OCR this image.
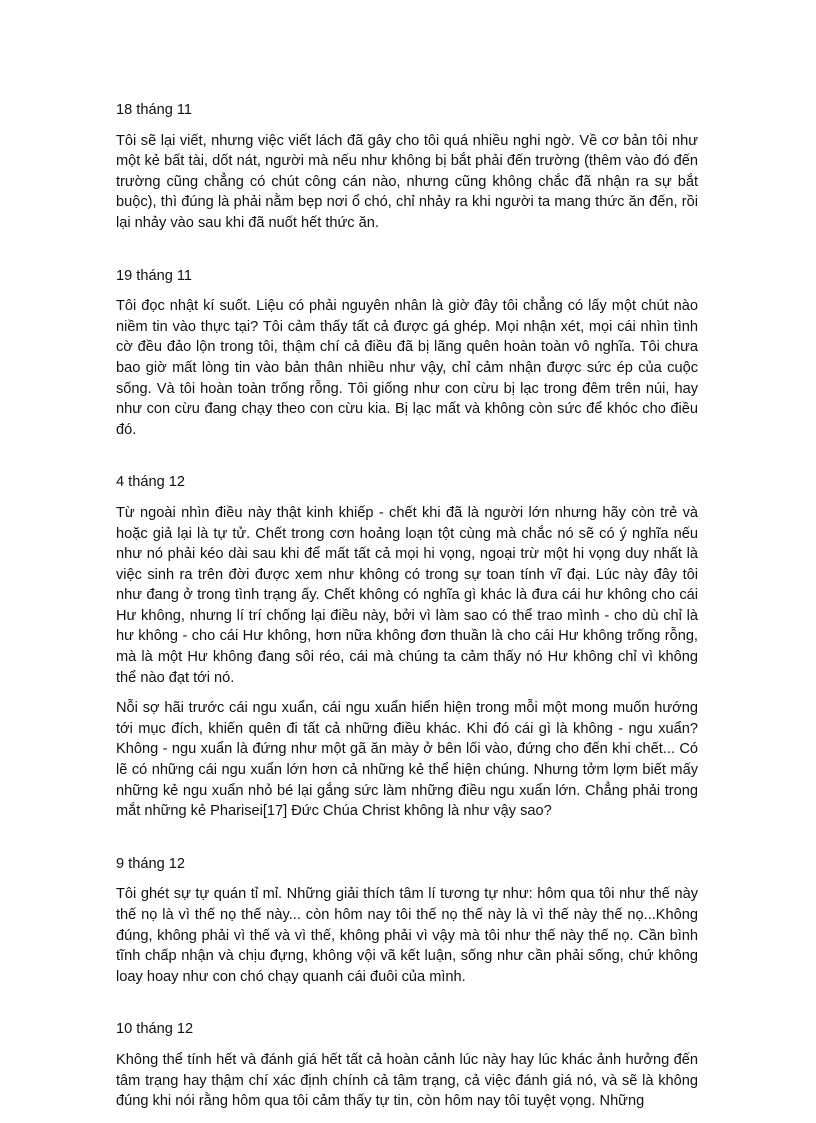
18 tháng 11

Tôi sẽ lại viết, nhưng việc viết lách đã gây cho tôi quá nhiều nghi ngờ. Về cơ bản tôi như một kẻ bất tài, dốt nát, người mà nếu như không bị bắt phải đến trường (thêm vào đó đến trường cũng chẳng có chút công cán nào, nhưng cũng không chắc đã nhận ra sự bắt buộc), thì đúng là phải nằm bẹp nơi ổ chó, chỉ nhảy ra khi người ta mang thức ăn đến, rồi lại nhảy vào sau khi đã nuốt hết thức ăn.

19 tháng 11

Tôi đọc nhật kí suốt. Liệu có phải nguyên nhân là giờ đây tôi chẳng có lấy một chút nào niềm tin vào thực tại? Tôi cảm thấy tất cả được gá ghép. Mọi nhận xét, mọi cái nhìn tình cờ đều đảo lộn trong tôi, thậm chí cả điều đã bị lãng quên hoàn toàn vô nghĩa. Tôi chưa bao giờ mất lòng tin vào bản thân nhiều như vậy, chỉ cảm nhận được sức ép của cuộc sống. Và tôi hoàn toàn trống rỗng. Tôi giống như con cừu bị lạc trong đêm trên núi, hay như con cừu đang chạy theo con cừu kia. Bị lạc mất và không còn sức để khóc cho điều đó.

4 tháng 12

Từ ngoài nhìn điều này thật kinh khiếp - chết khi đã là người lớn nhưng hãy còn trẻ và hoặc giả lại là tự tử. Chết trong cơn hoảng loạn tột cùng mà chắc nó sẽ có ý nghĩa nếu như nó phải kéo dài sau khi để mất tất cả mọi hi vọng, ngoại trừ một hi vọng duy nhất là việc sinh ra trên đời được xem như không có trong sự toan tính vĩ đại. Lúc này đây tôi như đang ở trong tình trạng ấy. Chết không có nghĩa gì khác là đưa cái hư không cho cái Hư không, nhưng lí trí chống lại điều này, bởi vì làm sao có thể trao mình - cho dù chỉ là hư không - cho cái Hư không, hơn nữa không đơn thuần là cho cái Hư không trống rỗng, mà là một Hư không đang sôi réo, cái mà chúng ta cảm thấy nó Hư không chỉ vì không thể nào đạt tới nó.

Nỗi sợ hãi trước cái ngu xuẩn, cái ngu xuẩn hiển hiện trong mỗi một mong muốn hướng tới mục đích, khiến quên đi tất cả những điều khác. Khi đó cái gì là không - ngu xuẩn? Không - ngu xuẩn là đứng như một gã ăn mày ở bên lối vào, đứng cho đến khi chết... Có lẽ có những cái ngu xuẩn lớn hơn cả những kẻ thể hiện chúng. Nhưng tởm lợm biết mấy những kẻ ngu xuẩn nhỏ bé lại gắng sức làm những điều ngu xuẩn lớn. Chẳng phải trong mắt những kẻ Pharisei[17] Đức Chúa Christ không là như vậy sao?

9 tháng 12

Tôi ghét sự tự quán tỉ mỉ. Những giải thích tâm lí tương tự như: hôm qua tôi như thế này thế nọ là vì thế nọ thế này... còn hôm nay tôi thế nọ thế này là vì thế này thế nọ...Không đúng, không phải vì thế và vì thế, không phải vì vậy mà tôi như thế này thế nọ. Cần bình tĩnh chấp nhận và chịu đựng, không vội vã kết luận, sống như cần phải sống, chứ không loay hoay như con chó chạy quanh cái đuôi của mình.

10 tháng 12

Không thể tính hết và đánh giá hết tất cả hoàn cảnh lúc này hay lúc khác ảnh hưởng đến tâm trạng hay thậm chí xác định chính cả tâm trạng, cả việc đánh giá nó, và sẽ là không đúng khi nói rằng hôm qua tôi cảm thấy tự tin, còn hôm nay tôi tuyệt vọng. Những
